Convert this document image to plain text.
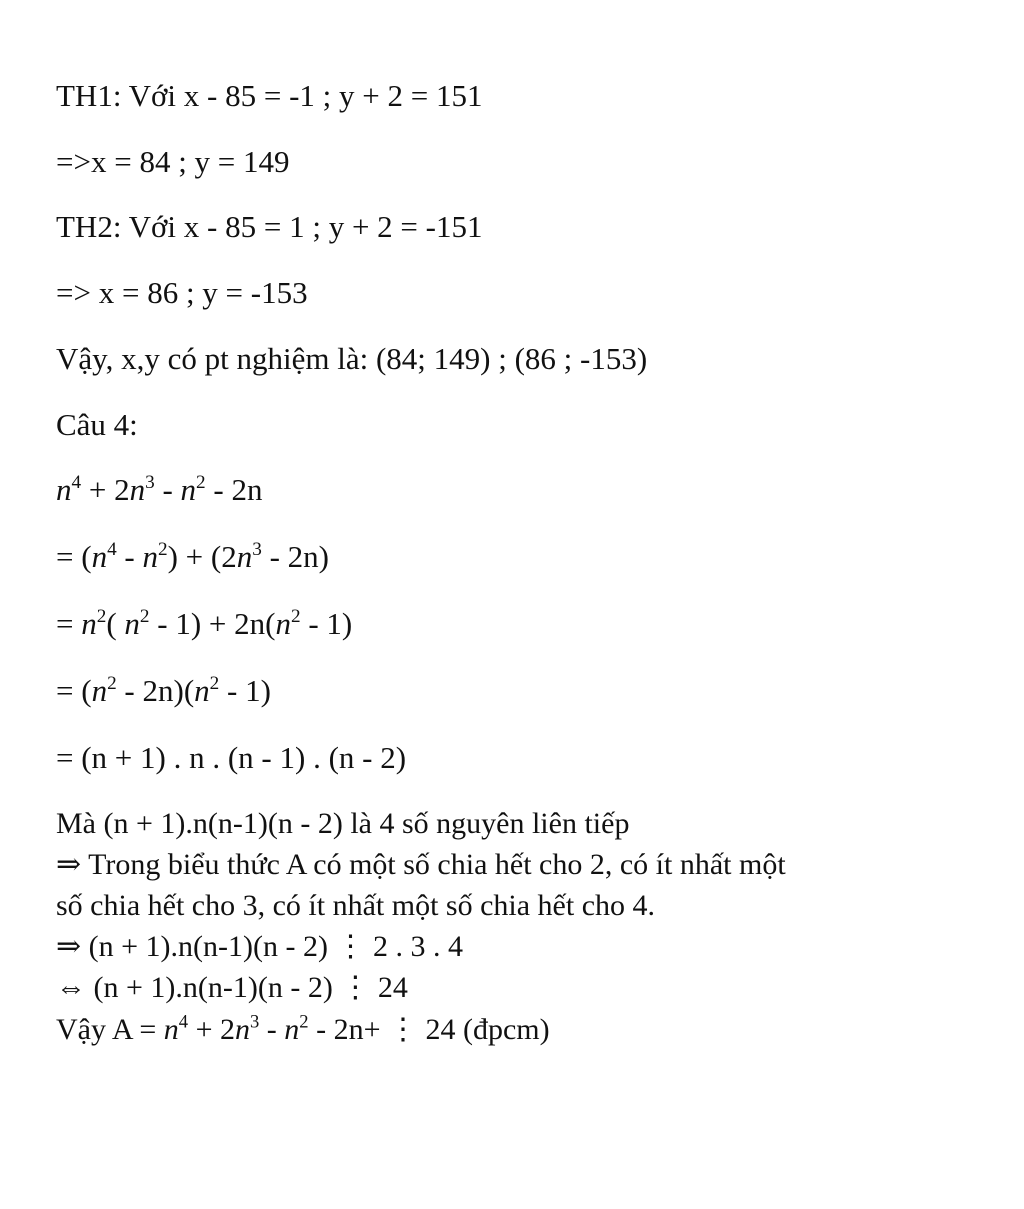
TH1: Với x - 85 = -1 ; y + 2 = 151
=>x = 84 ; y = 149
TH2: Với x - 85 = 1 ; y + 2 = -151
=> x = 86 ; y = -153
Vậy, x,y có pt nghiệm là: (84; 149) ; (86 ; -153)
Câu 4:
$n^4 + 2n^3 - n^2 - 2n$
= $(n^4 - n^2) + (2n^3 - 2n)$
= $n^2$( $n^2 - 1) + 2n(n^2 - 1)$
= $(n^2 - 2n)(n^2 - 1)$
= (n + 1) . n . (n - 1) . (n - 2)
Mà (n + 1).n(n-1)(n - 2) là 4 số nguyên liên tiếp
⇒ Trong biểu thức A có một số chia hết cho 2, có ít nhất một
số chia hết cho 3, có ít nhất một số chia hết cho 4.
⇒ (n + 1).n(n-1)(n - 2) ⋮ 2 . 3 . 4
⇔ (n + 1).n(n-1)(n - 2) ⋮ 24
Vậy $A = n^4 + 2n^3 - n^2 - 2n+$ ⋮ 24 (đpcm)
